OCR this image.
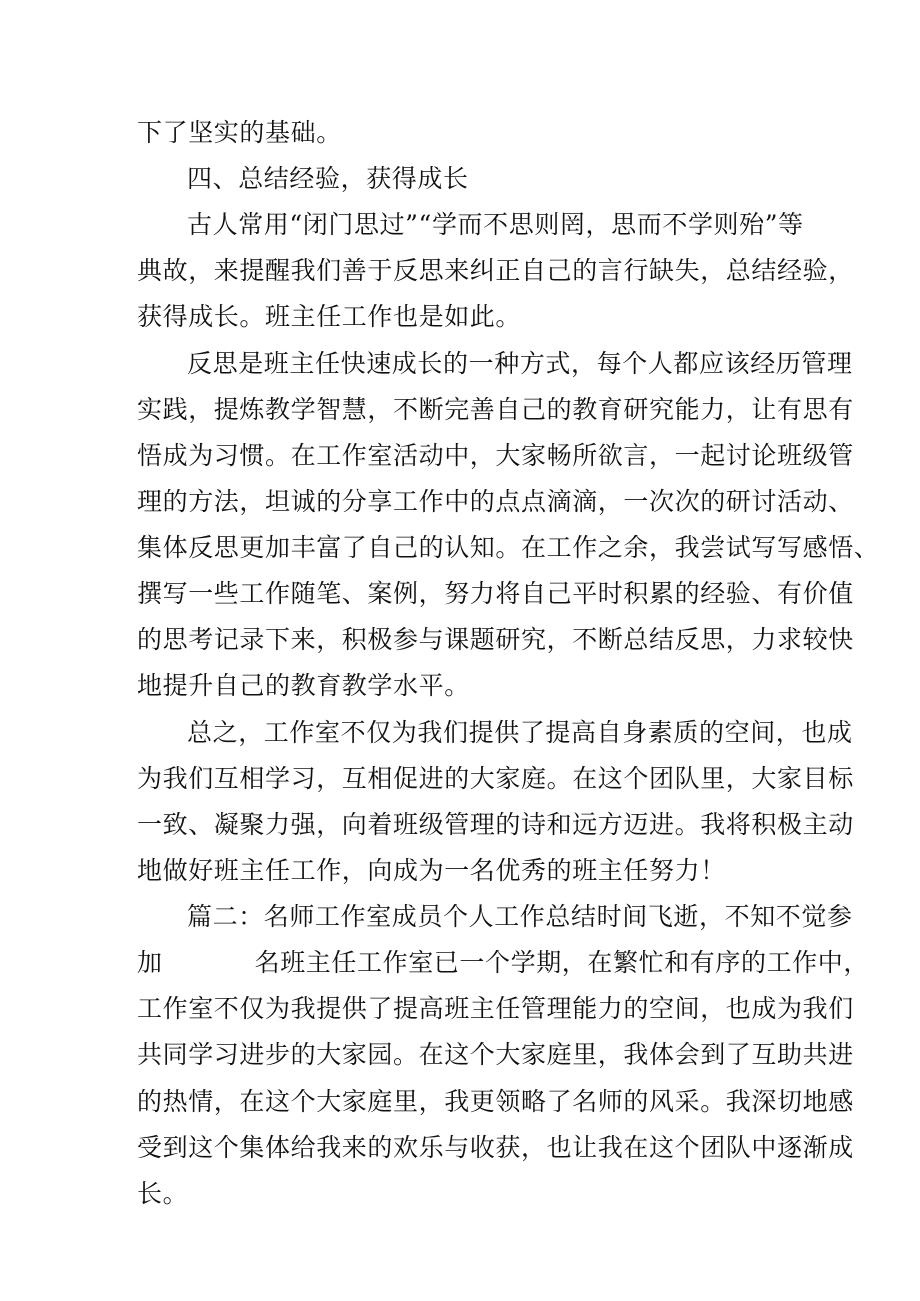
下了坚实的基础。
四、总结经验，获得成长
古人常用“闭门思过”“学而不思则罔，思而不学则殆”等
典故，来提醒我们善于反思来纠正自己的言行缺失，总结经验，
获得成长。班主任工作也是如此。
反思是班主任快速成长的一种方式，每个人都应该经历管理
实践，提炼教学智慧，不断完善自己的教育研究能力，让有思有
悟成为习惯。在工作室活动中，大家畅所欲言，一起讨论班级管
理的方法，坦诚的分享工作中的点点滴滴，一次次的研讨活动、
集体反思更加丰富了自己的认知。在工作之余，我尝试写写感悟、
撰写一些工作随笔、案例，努力将自己平时积累的经验、有价值
的思考记录下来，积极参与课题研究，不断总结反思，力求较快
地提升自己的教育教学水平。
总之，工作室不仅为我们提供了提高自身素质的空间，也成
为我们互相学习，互相促进的大家庭。在这个团队里，大家目标
一致、凝聚力强，向着班级管理的诗和远方迈进。我将积极主动
地做好班主任工作，向成为一名优秀的班主任努力！
篇二：名师工作室成员个人工作总结时间飞逝，不知不觉参
加	名班主任工作室已一个学期，在繁忙和有序的工作中，
工作室不仅为我提供了提高班主任管理能力的空间，也成为我们
共同学习进步的大家园。在这个大家庭里，我体会到了互助共进
的热情，在这个大家庭里，我更领略了名师的风采。我深切地感
受到这个集体给我来的欢乐与收获，也让我在这个团队中逐渐成
长。
